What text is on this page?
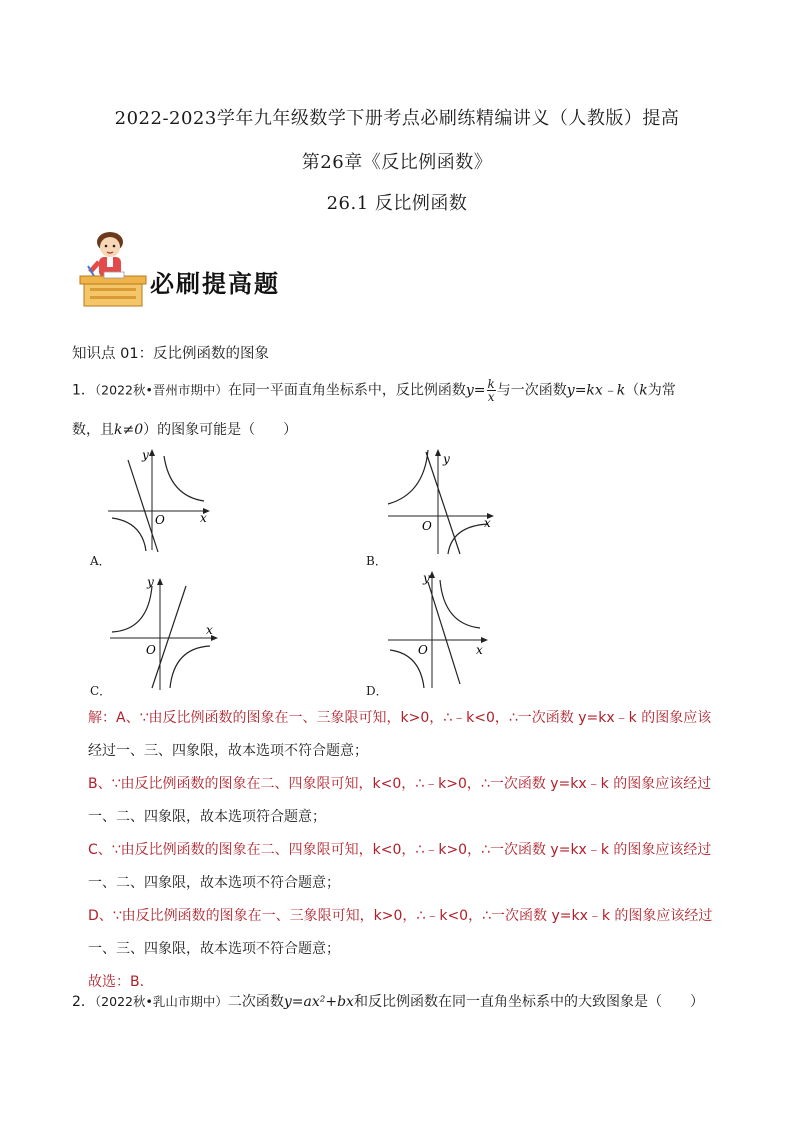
2022-2023学年九年级数学下册考点必刷练精编讲义（人教版）提高
第26章《反比例函数》
26.1 反比例函数
必刷提高题
知识点 01：反比例函数的图象
1．（2022秋•晋州市期中）在同一平面直角坐标系中，反比例函数$y= \frac{k}{x}$ 与一次函数y=kx﹣k（k为常
数，且k≠0）的图象可能是（　　）
y
x
O
A．
y
x
O
B．
y
x
O
C．
y
x
O
D．
解：A、∵由反比例函数的图象在一、三象限可知，k>0，∴﹣k<0，∴一次函数 y=kx﹣k 的图象应该
经过一、三、四象限，故本选项不符合题意；
B、∵由反比例函数的图象在二、四象限可知，k<0，∴﹣k>0，∴一次函数 y=kx﹣k 的图象应该经过
一、二、四象限，故本选项符合题意；
C、∵由反比例函数的图象在二、四象限可知，k<0，∴﹣k>0，∴一次函数 y=kx﹣k 的图象应该经过
一、二、四象限，故本选项不符合题意；
D、∵由反比例函数的图象在一、三象限可知，k>0，∴﹣k<0，∴一次函数 y=kx﹣k 的图象应该经过
一、三、四象限，故本选项不符合题意；
故选：B.
2．（2022秋•乳山市期中）二次函数y=ax²+bx和反比例函数在同一直角坐标系中的大致图象是（　　）
